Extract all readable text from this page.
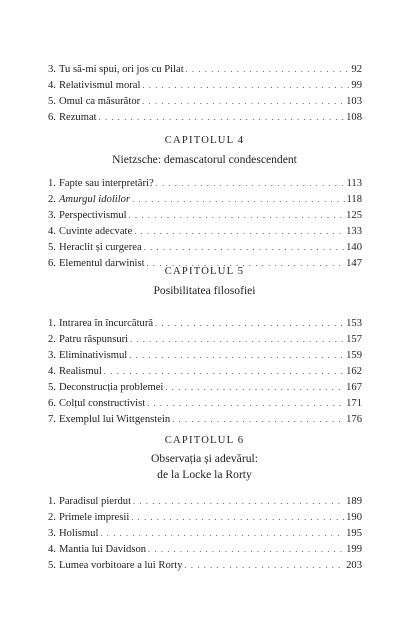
3. Tu să-mi spui, ori jos cu Pilat . . .	92
4. Relativismul moral . . .	99
5. Omul ca măsurător . . .	103
6. Rezumat . . .	108
CAPITOLUL 4
Nietzsche: demascatorul condescendent
1. Fapte sau interpretări? . . .	113
2. Amurgul idolilor . . .	118
3. Perspectivismul . . .	125
4. Cuvinte adecvate . . .	133
5. Heraclit și curgerea . . .	140
6. Elementul darwinist . . .	147
CAPITOLUL 5
Posibilitatea filosofiei
1. Intrarea în încurcătură . . .	153
2. Patru răspunsuri . . .	157
3. Eliminativismul . . .	159
4. Realismul . . .	162
5. Deconstrucția problemei . . .	167
6. Colțul constructivist . . .	171
7. Exemplul lui Wittgenstein . . .	176
CAPITOLUL 6
Observația și adevărul:
de la Locke la Rorty
1. Paradisul pierdut . . .	189
2. Primele impresii . . .	190
3. Holismul . . .	195
4. Mantia lui Davidson . . .	199
5. Lumea vorbitoare a lui Rorty . . .	203
